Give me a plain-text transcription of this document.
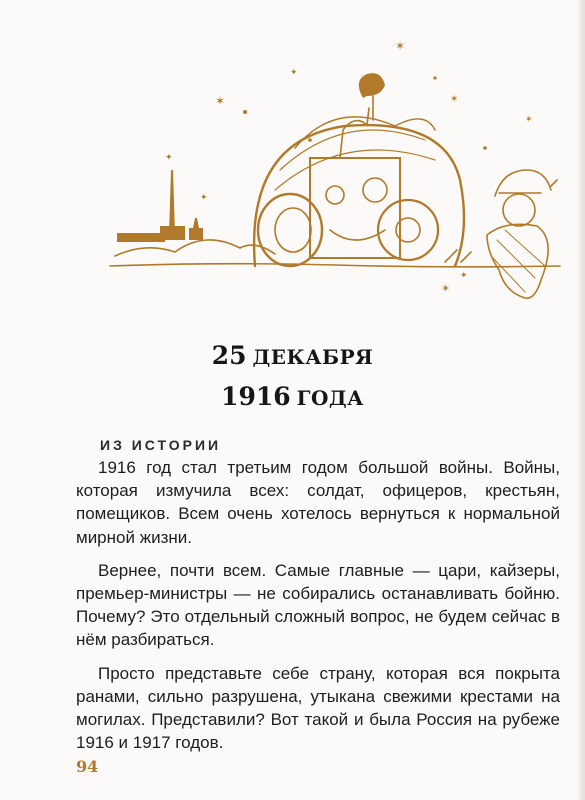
✶
✶
✦
✦
✶
✶
✦
✶
✦
25 ДЕКАБРЯ
1916 ГОДА
ИЗ ИСТОРИИ

1916 год стал третьим годом большой войны. Войны, которая измучила всех: солдат, офицеров, крестьян, помещиков. Всем очень хотелось вернуться к нормальной мирной жизни.

Вернее, почти всем. Самые главные — цари, кайзеры, премьер-министры — не собирались останавливать бойню. Почему? Это отдельный сложный вопрос, не будем сейчас в нём разбираться.

Просто представьте себе страну, которая вся покрыта ранами, сильно разрушена, утыкана свежими крестами на могилах. Представили? Вот такой и была Россия на рубеже 1916 и 1917 годов.

94
